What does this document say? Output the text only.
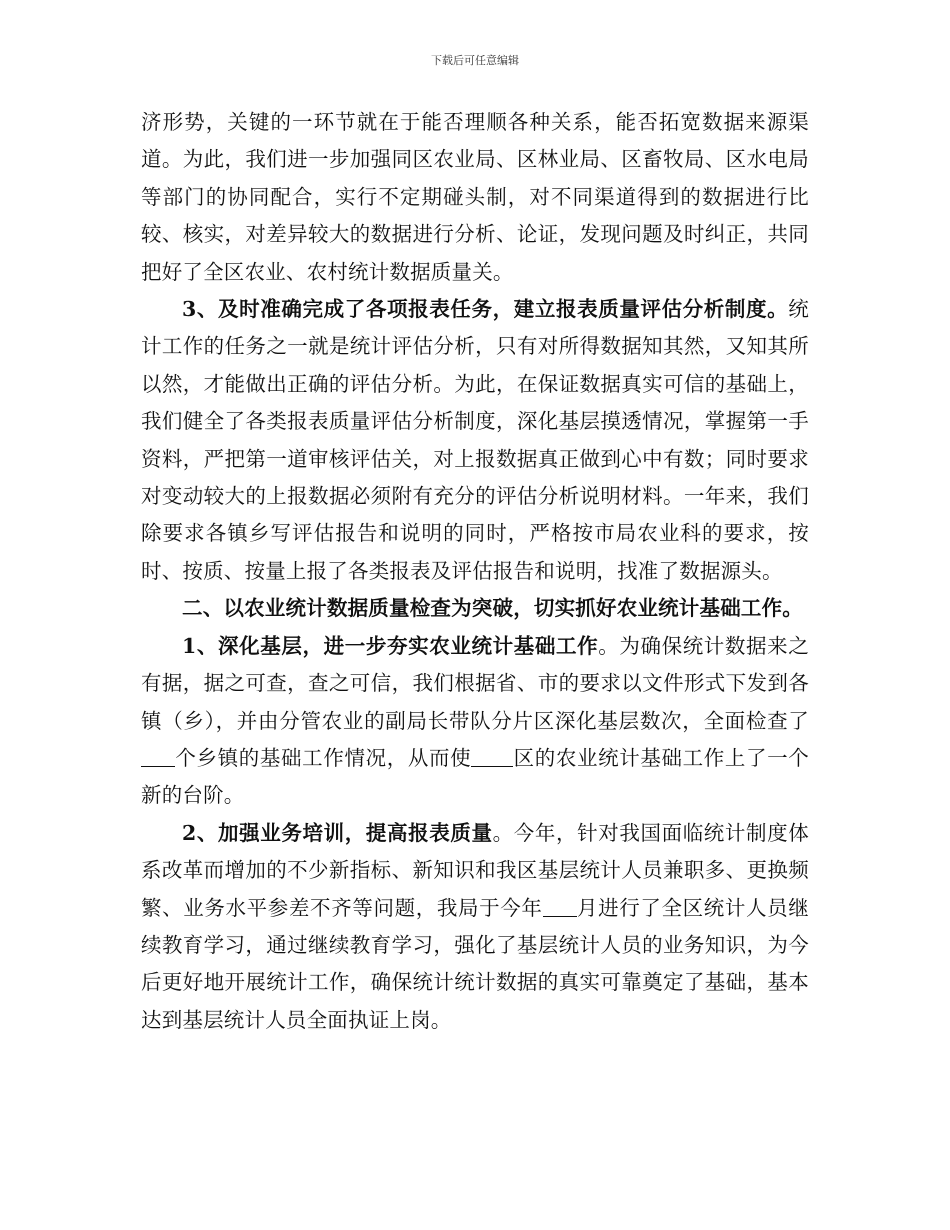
下载后可任意编辑

济形势，关键的一环节就在于能否理顺各种关系，能否拓宽数据来源渠道。为此，我们进一步加强同区农业局、区林业局、区畜牧局、区水电局等部门的协同配合，实行不定期碰头制，对不同渠道得到的数据进行比较、核实，对差异较大的数据进行分析、论证，发现问题及时纠正，共同把好了全区农业、农村统计数据质量关。

3、及时准确完成了各项报表任务，建立报表质量评估分析制度。统计工作的任务之一就是统计评估分析，只有对所得数据知其然，又知其所以然，才能做出正确的评估分析。为此，在保证数据真实可信的基础上，我们健全了各类报表质量评估分析制度，深化基层摸透情况，掌握第一手资料，严把第一道审核评估关，对上报数据真正做到心中有数；同时要求对变动较大的上报数据必须附有充分的评估分析说明材料。一年来，我们除要求各镇乡写评估报告和说明的同时，严格按市局农业科的要求，按时、按质、按量上报了各类报表及评估报告和说明，找准了数据源头。

二、以农业统计数据质量检查为突破，切实抓好农业统计基础工作。

1、深化基层，进一步夯实农业统计基础工作。为确保统计数据来之有据，据之可查，查之可信，我们根据省、市的要求以文件形式下发到各镇（乡），并由分管农业的副局长带队分片区深化基层数次，全面检查了个乡镇的基础工作情况，从而使 区的农业统计基础工作上了一个新的台阶。

2、加强业务培训，提高报表质量。今年，针对我国面临统计制度体系改革而增加的不少新指标、新知识和我区基层统计人员兼职多、更换频繁、业务水平参差不齐等问题，我局于今年 月进行了全区统计人员继续教育学习，通过继续教育学习，强化了基层统计人员的业务知识，为今后更好地开展统计工作，确保统计统计数据的真实可靠奠定了基础，基本达到基层统计人员全面执证上岗。
